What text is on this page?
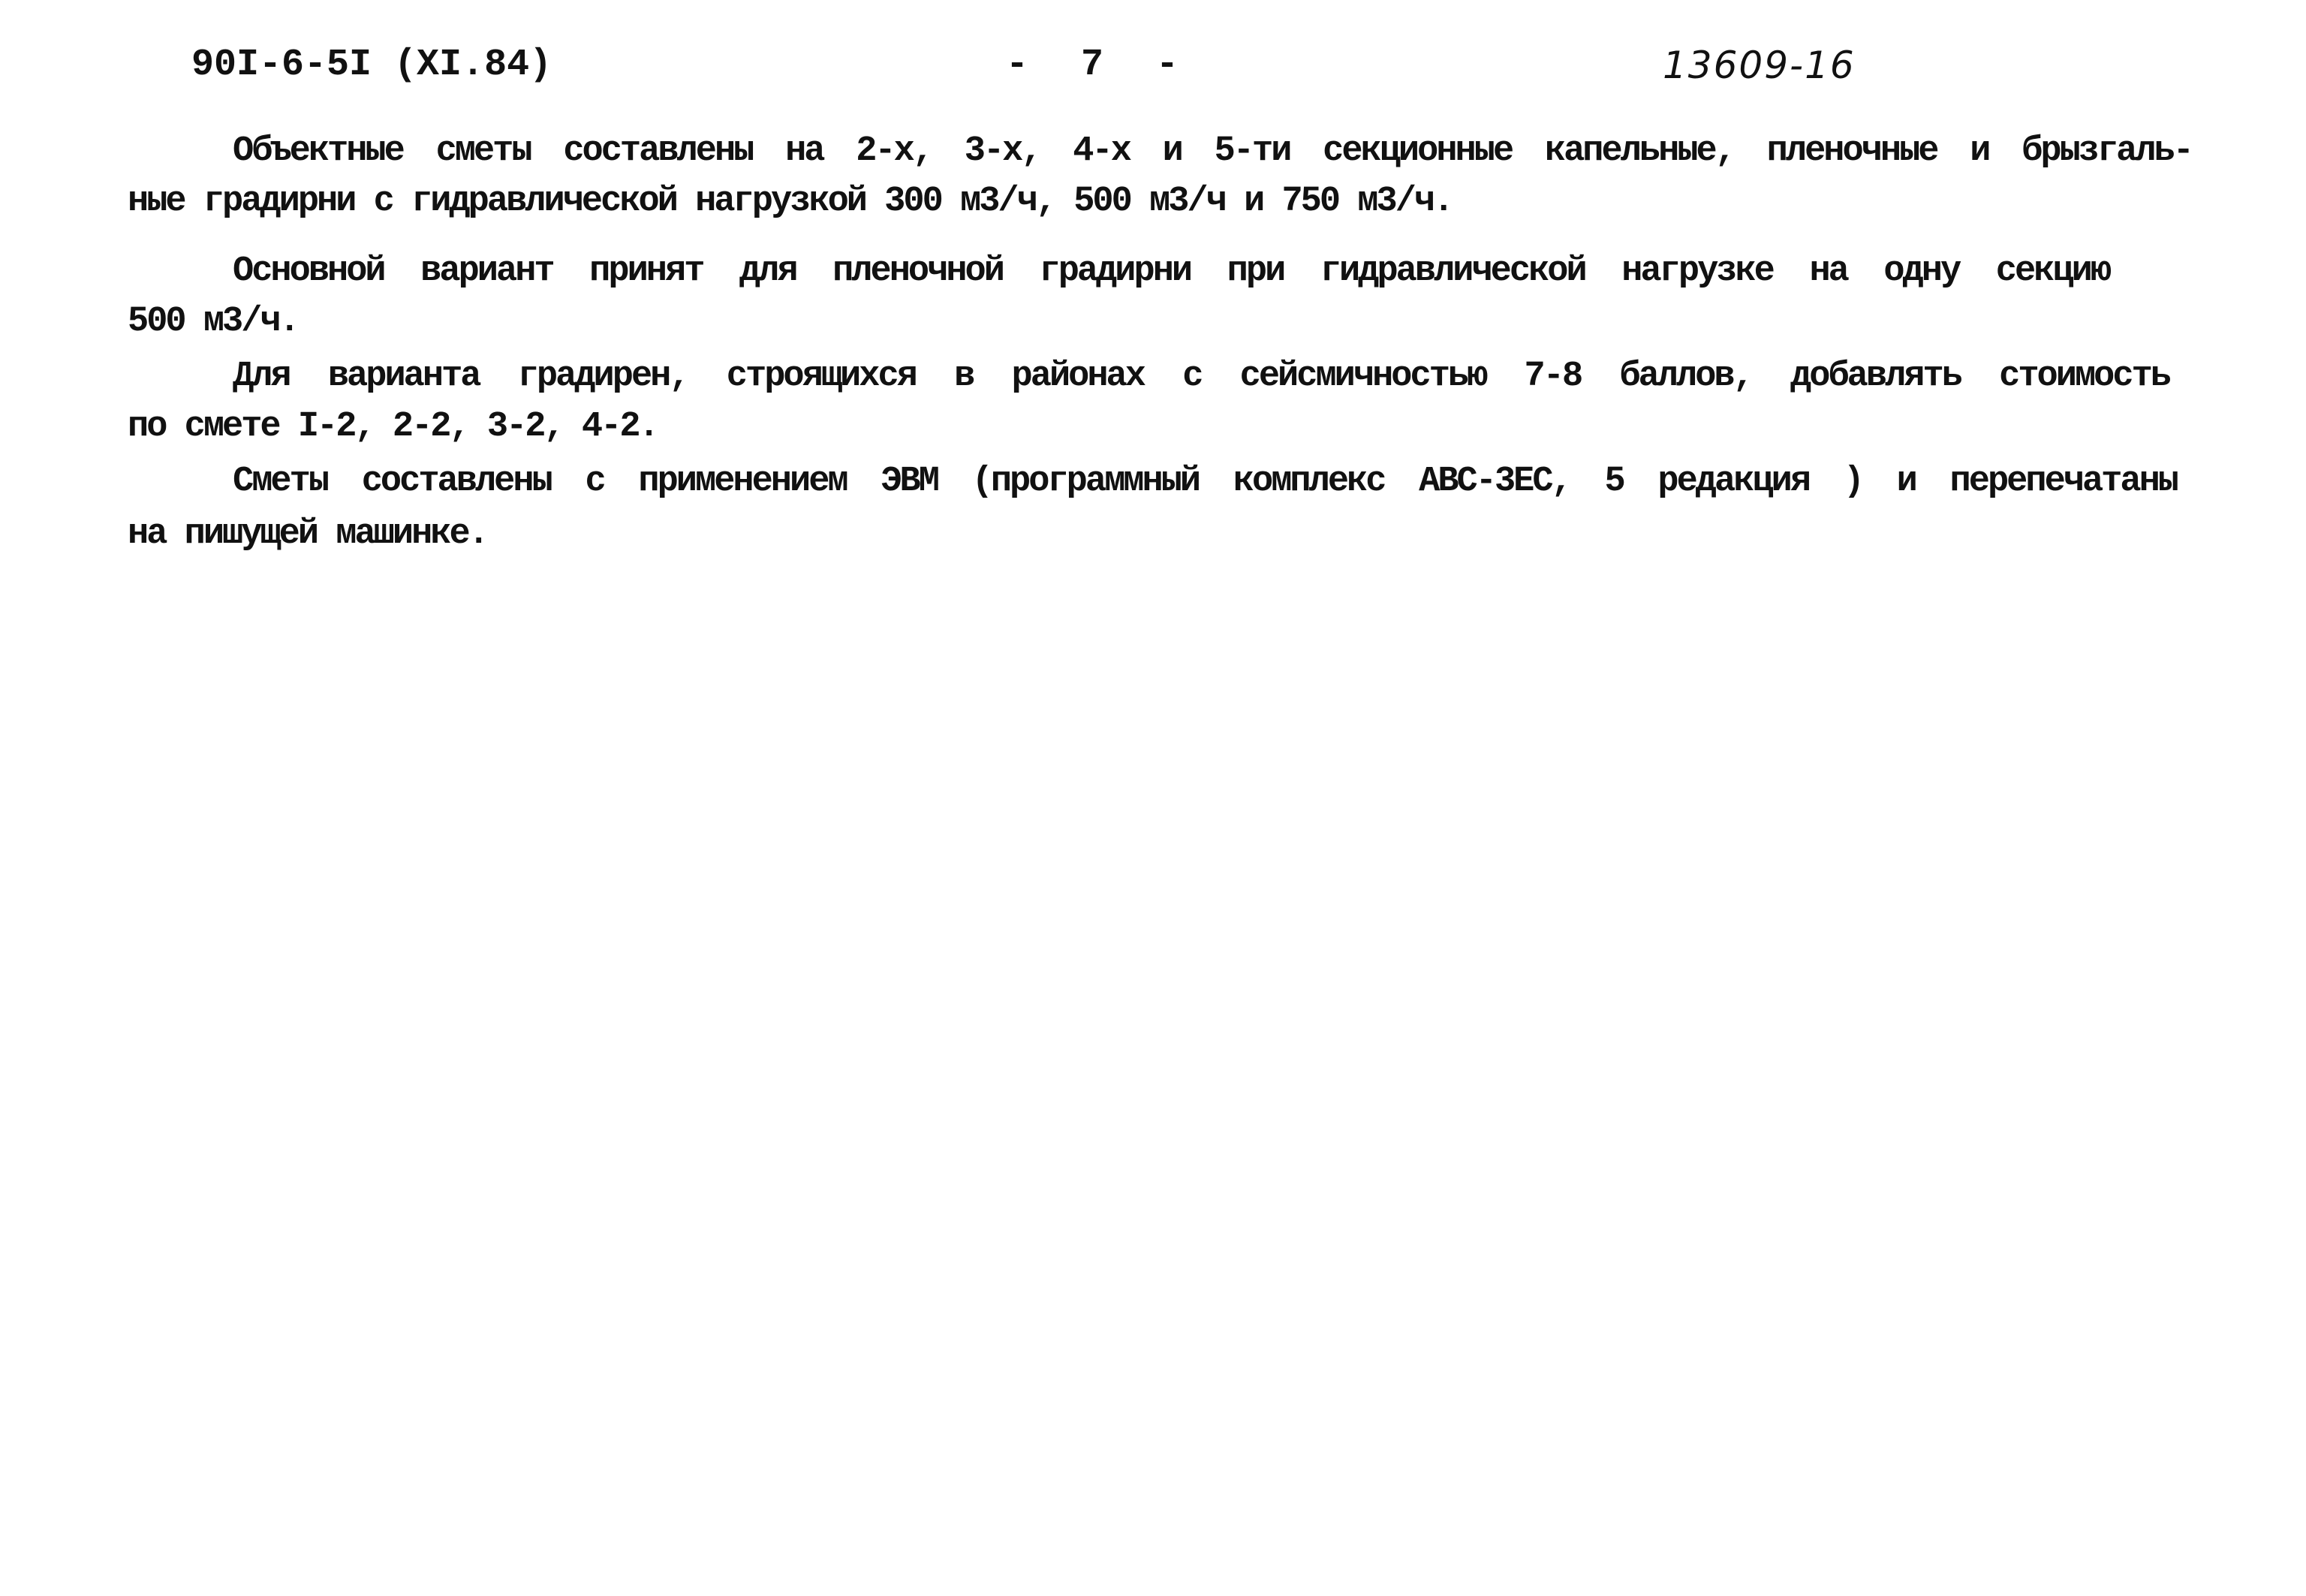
90I-6-5I (XI.84)	- 7 -	13609-16
Объектные сметы составлены на 2-х, 3-х, 4-х и 5-ти секционные капельные, пленочные и брызгаль-
ные градирни с гидравлической нагрузкой 300 м3/ч, 500 м3/ч и 750 м3/ч.
Основной вариант принят для пленочной градирни при гидравлической нагрузке на одну секцию
500 м3/ч.
Для варианта градирен, строящихся в районах с сейсмичностью 7-8 баллов, добавлять стоимость
по смете I-2, 2-2, 3-2, 4-2.
Сметы составлены с применением ЭВМ (программный комплекс АВС-3ЕС, 5 редакция ) и перепечатаны
на пишущей машинке.
